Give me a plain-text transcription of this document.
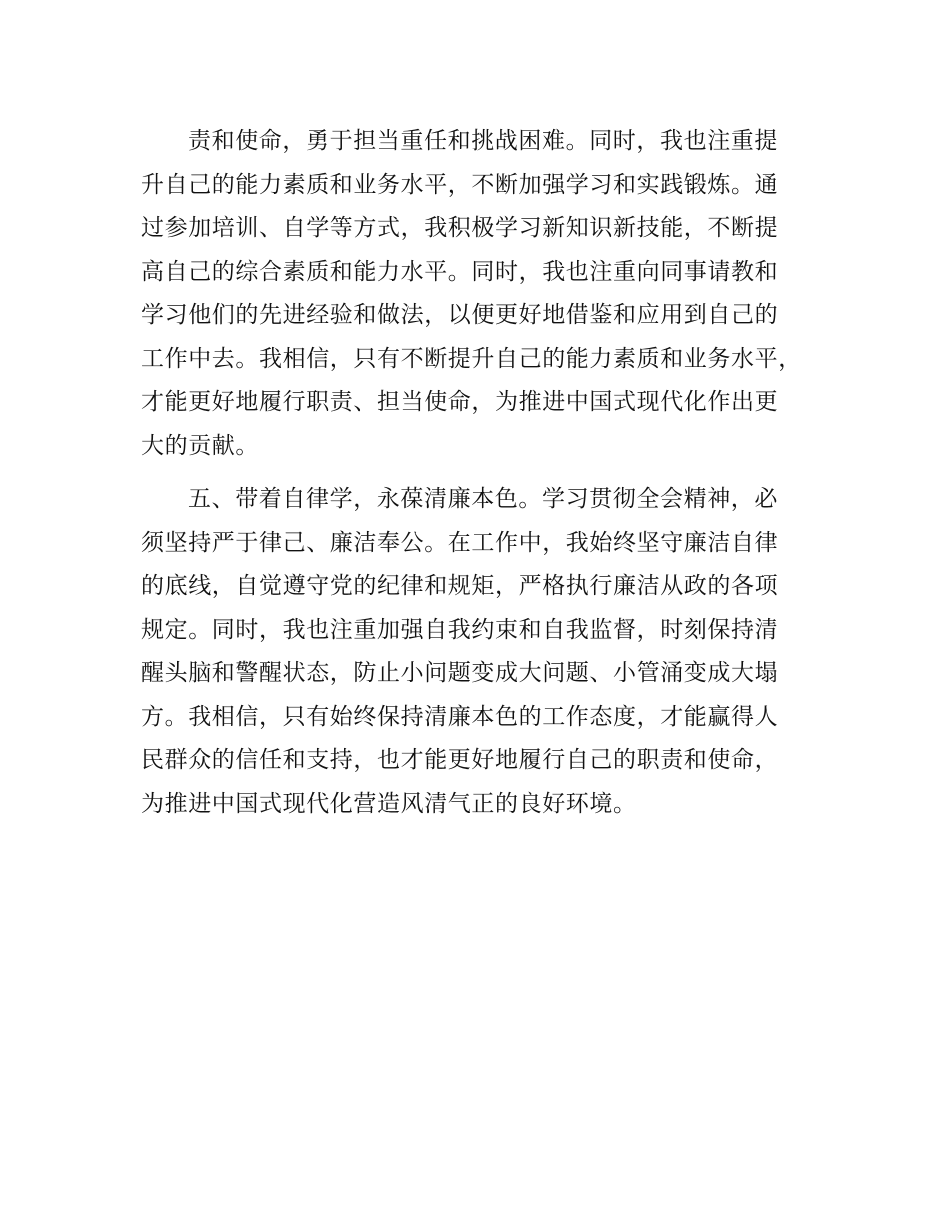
责和使命，勇于担当重任和挑战困难。同时，我也注重提
升自己的能力素质和业务水平，不断加强学习和实践锻炼。通
过参加培训、自学等方式，我积极学习新知识新技能，不断提
高自己的综合素质和能力水平。同时，我也注重向同事请教和
学习他们的先进经验和做法，以便更好地借鉴和应用到自己的
工作中去。我相信，只有不断提升自己的能力素质和业务水平，
才能更好地履行职责、担当使命，为推进中国式现代化作出更
大的贡献。
五、带着自律学，永葆清廉本色。学习贯彻全会精神，必
须坚持严于律己、廉洁奉公。在工作中，我始终坚守廉洁自律
的底线，自觉遵守党的纪律和规矩，严格执行廉洁从政的各项
规定。同时，我也注重加强自我约束和自我监督，时刻保持清
醒头脑和警醒状态，防止小问题变成大问题、小管涌变成大塌
方。我相信，只有始终保持清廉本色的工作态度，才能赢得人
民群众的信任和支持，也才能更好地履行自己的职责和使命，
为推进中国式现代化营造风清气正的良好环境。
